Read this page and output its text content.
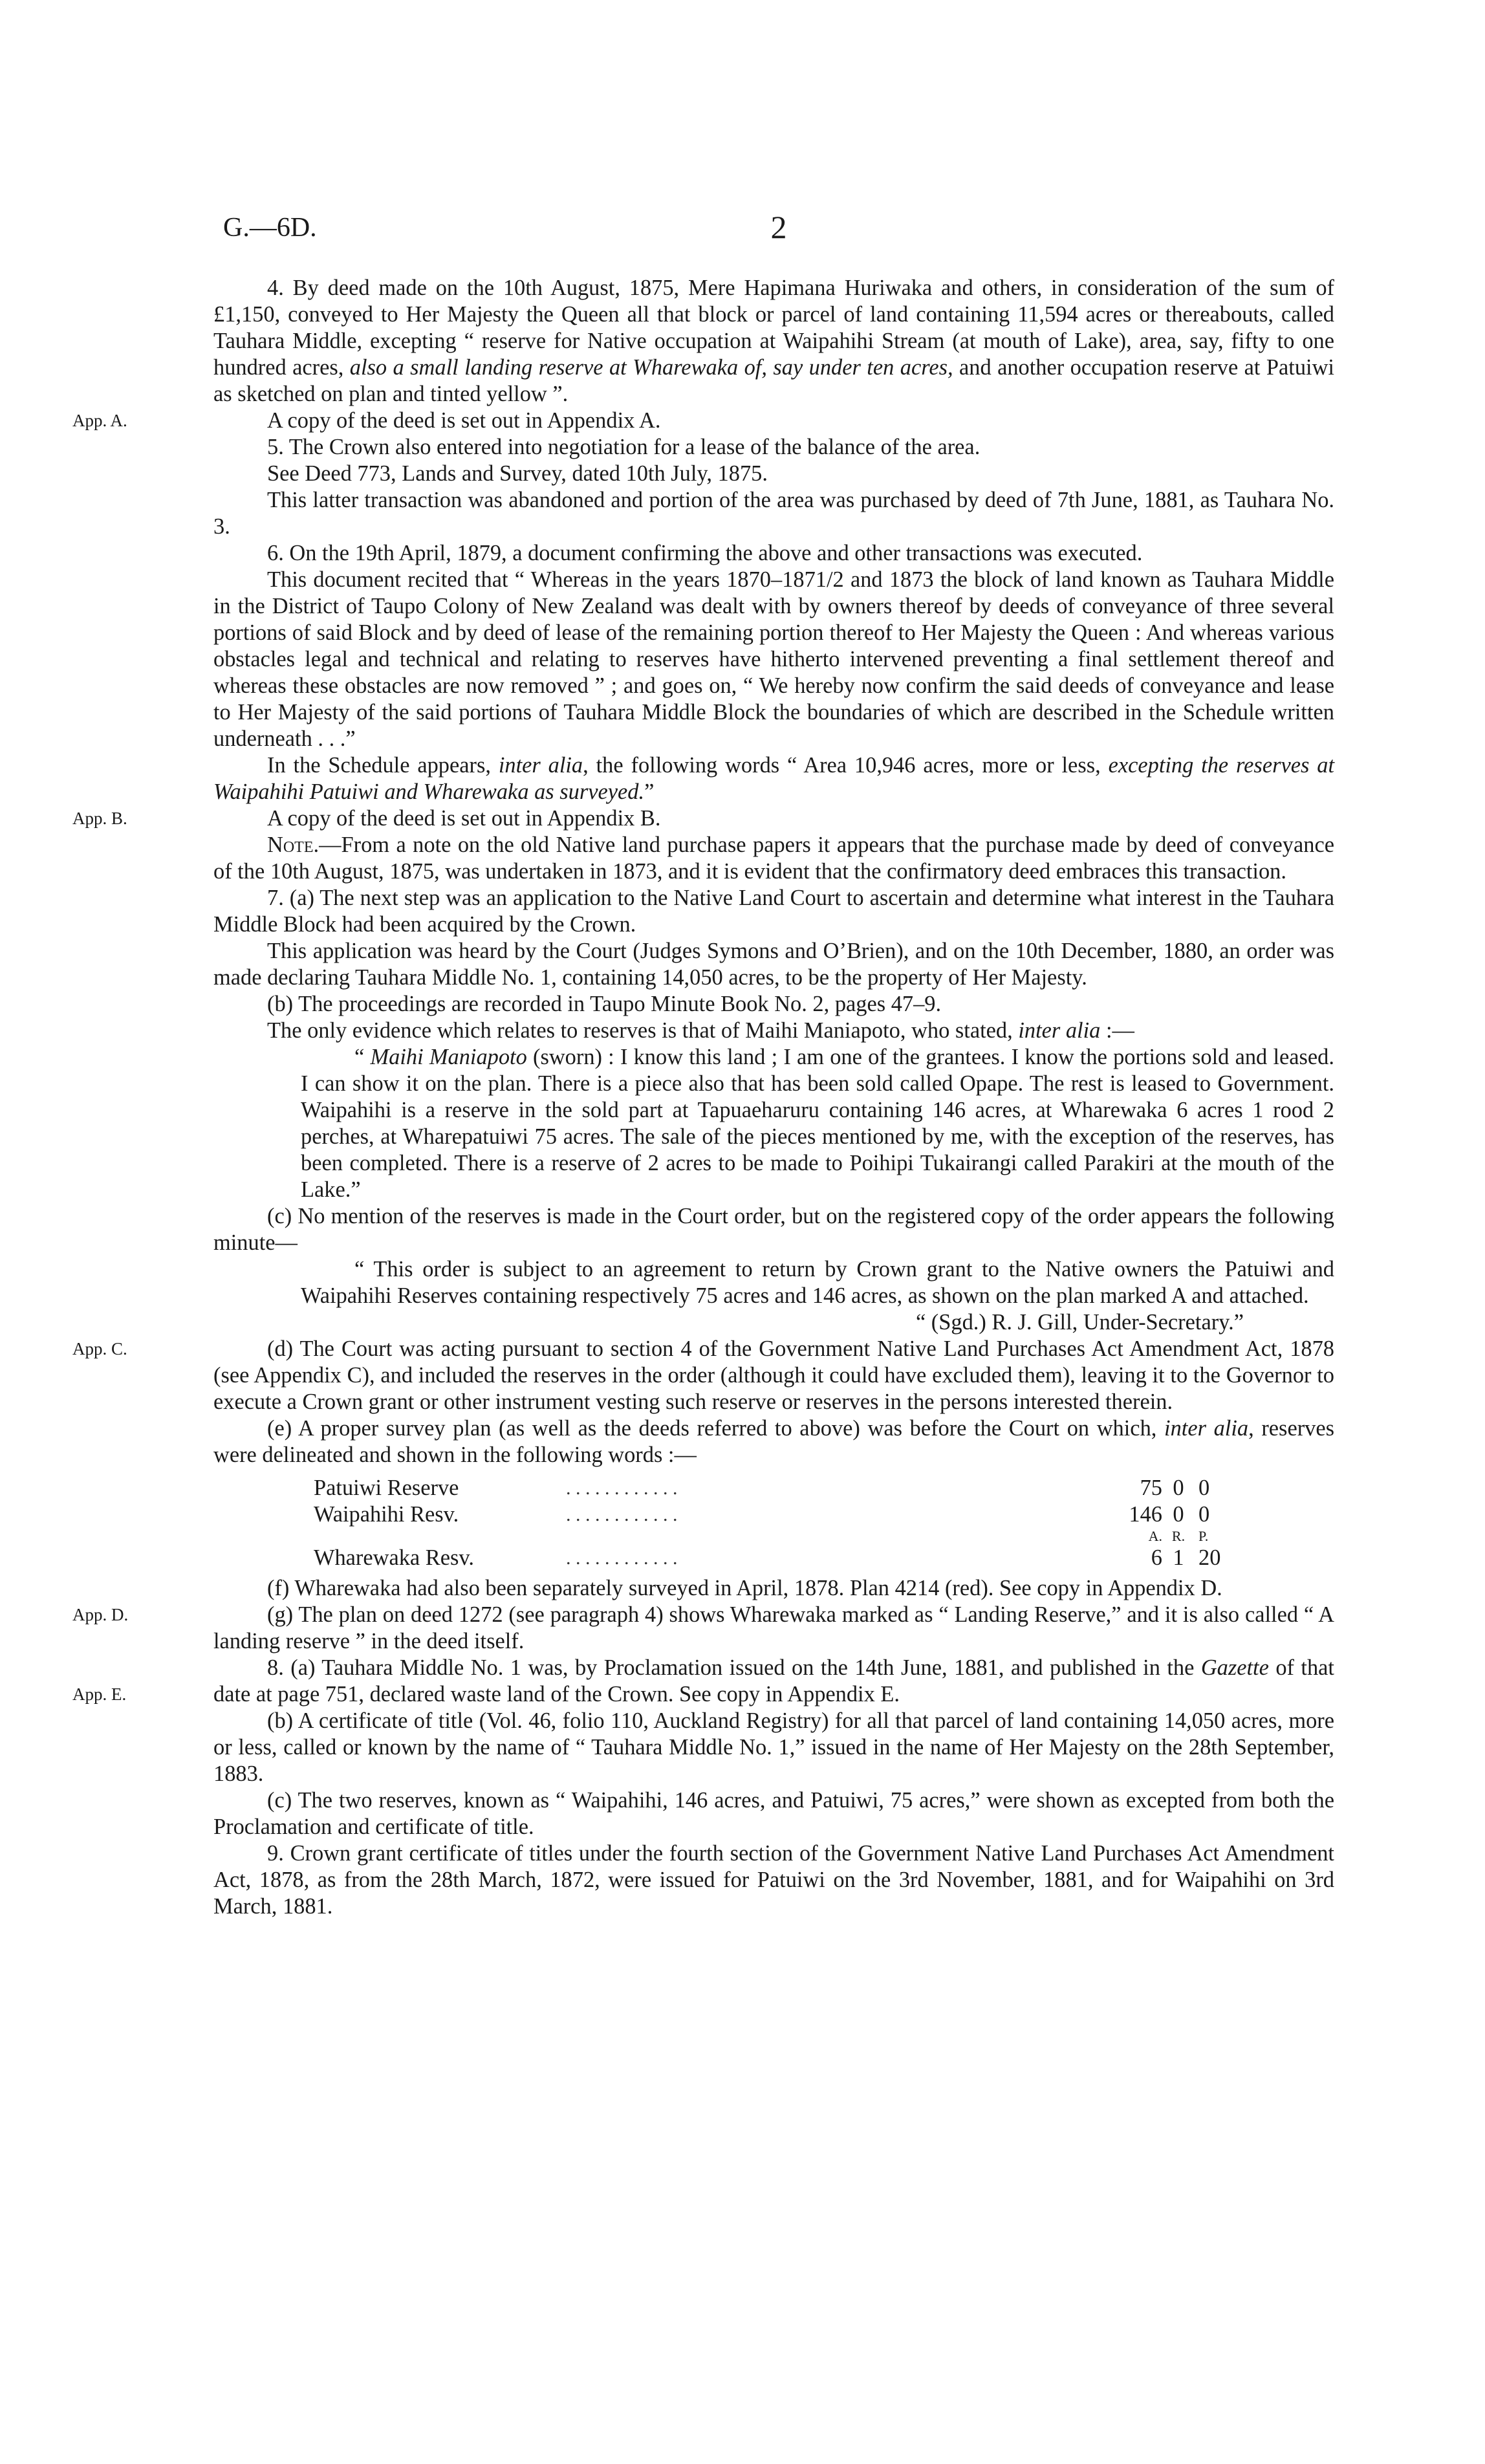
G.—6D.	2

4. By deed made on the 10th August, 1875, Mere Hapimana Huriwaka and others, in consideration of the sum of £1,150, conveyed to Her Majesty the Queen all that block or parcel of land containing 11,594 acres or thereabouts, called Tauhara Middle, excepting “ reserve for Native occupation at Waipahihi Stream (at mouth of Lake), area, say, fifty to one hundred acres, also a small landing reserve at Wharewaka of, say under ten acres, and another occupation reserve at Patuiwi as sketched on plan and tinted yellow ”.

App. A.	A copy of the deed is set out in Appendix A.

5. The Crown also entered into negotiation for a lease of the balance of the area.

See Deed 773, Lands and Survey, dated 10th July, 1875.

This latter transaction was abandoned and portion of the area was purchased by deed of 7th June, 1881, as Tauhara No. 3.

6. On the 19th April, 1879, a document confirming the above and other transactions was executed.

This document recited that “ Whereas in the years 1870–1871/2 and 1873 the block of land known as Tauhara Middle in the District of Taupo Colony of New Zealand was dealt with by owners thereof by deeds of conveyance of three several portions of said Block and by deed of lease of the remaining portion thereof to Her Majesty the Queen : And whereas various obstacles legal and technical and relating to reserves have hitherto intervened preventing a final settlement thereof and whereas these obstacles are now removed ” ; and goes on, “ We hereby now confirm the said deeds of conveyance and lease to Her Majesty of the said portions of Tauhara Middle Block the boundaries of which are described in the Schedule written underneath . . .”

In the Schedule appears, inter alia, the following words “ Area 10,946 acres, more or less, excepting the reserves at Waipahihi Patuiwi and Wharewaka as surveyed.”

App. B.	A copy of the deed is set out in Appendix B.

Note.—From a note on the old Native land purchase papers it appears that the purchase made by deed of conveyance of the 10th August, 1875, was undertaken in 1873, and it is evident that the confirmatory deed embraces this transaction.

7. (a) The next step was an application to the Native Land Court to ascertain and determine what interest in the Tauhara Middle Block had been acquired by the Crown.

This application was heard by the Court (Judges Symons and O’Brien), and on the 10th December, 1880, an order was made declaring Tauhara Middle No. 1, containing 14,050 acres, to be the property of Her Majesty.

(b) The proceedings are recorded in Taupo Minute Book No. 2, pages 47–9.

The only evidence which relates to reserves is that of Maihi Maniapoto, who stated, inter alia :—

“ Maihi Maniapoto (sworn) : I know this land ; I am one of the grantees. I know the portions sold and leased. I can show it on the plan. There is a piece also that has been sold called Opape. The rest is leased to Government. Waipahihi is a reserve in the sold part at Tapuaeharuru containing 146 acres, at Wharewaka 6 acres 1 rood 2 perches, at Wharepatuiwi 75 acres. The sale of the pieces mentioned by me, with the exception of the reserves, has been completed. There is a reserve of 2 acres to be made to Poihipi Tukairangi called Parakiri at the mouth of the Lake.”

(c) No mention of the reserves is made in the Court order, but on the registered copy of the order appears the following minute—

“ This order is subject to an agreement to return by Crown grant to the Native owners the Patuiwi and Waipahihi Reserves containing respectively 75 acres and 146 acres, as shown on the plan marked A and attached.

“ (Sgd.) R. J. Gill, Under-Secretary.”

App. C.	(d) The Court was acting pursuant to section 4 of the Government Native Land Purchases Act Amendment Act, 1878 (see Appendix C), and included the reserves in the order (although it could have excluded them), leaving it to the Governor to execute a Crown grant or other instrument vesting such reserve or reserves in the persons interested therein.

(e) A proper survey plan (as well as the deeds referred to above) was before the Court on which, inter alia, reserves were delineated and shown in the following words :—

Patuiwi Reserve	. . . . . . . . . . . .	75	0	0	
Waipahihi Resv.	. . . . . . . . . . . .	146	0	0	
		A.	R.	P.	
Wharewaka Resv.	. . . . . . . . . . . .	6	1	20	

App. D.
(f) Wharewaka had also been separately surveyed in April, 1878. Plan 4214 (red). See copy in Appendix D.

(g) The plan on deed 1272 (see paragraph 4) shows Wharewaka marked as “ Landing Reserve,” and it is also called “ A landing reserve ” in the deed itself.

App. E.
8. (a) Tauhara Middle No. 1 was, by Proclamation issued on the 14th June, 1881, and published in the Gazette of that date at page 751, declared waste land of the Crown. See copy in Appendix E.

(b) A certificate of title (Vol. 46, folio 110, Auckland Registry) for all that parcel of land containing 14,050 acres, more or less, called or known by the name of “ Tauhara Middle No. 1,” issued in the name of Her Majesty on the 28th September, 1883.

(c) The two reserves, known as “ Waipahihi, 146 acres, and Patuiwi, 75 acres,” were shown as excepted from both the Proclamation and certificate of title.

9. Crown grant certificate of titles under the fourth section of the Government Native Land Purchases Act Amendment Act, 1878, as from the 28th March, 1872, were issued for Patuiwi on the 3rd November, 1881, and for Waipahihi on 3rd March, 1881.
